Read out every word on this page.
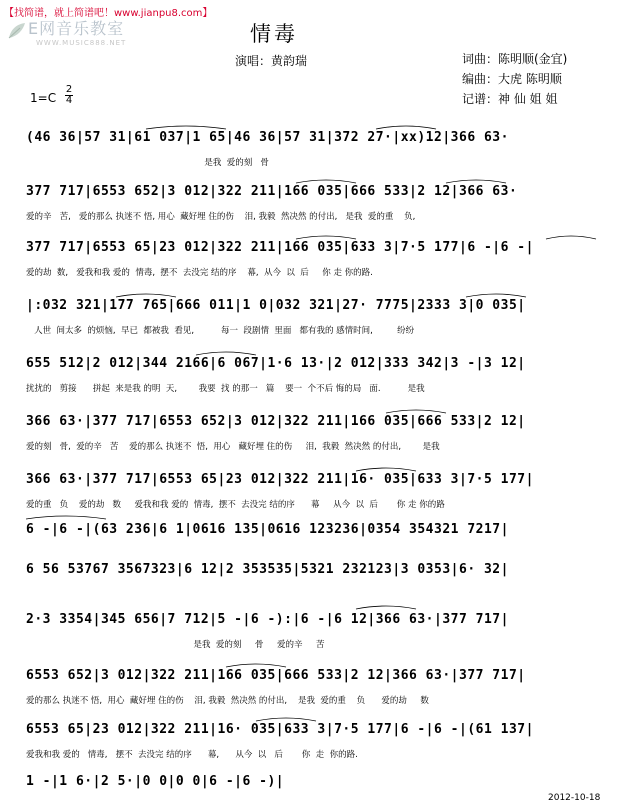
【找简谱，就上简谱吧！www.jianpu8.com】
E网音乐教室
WWW.MUSIC888.NET	情毒
演唱：黄韵瑞	词曲：陈明顺(金宜)
编曲：大虎 陈明顺
记谱：神 仙 姐 姐
1=C
2
4
(46 36|57 31|61 037|1 65|46 36|57 31|372 27·|xx)12|366 63·
是我  爱的刻   骨
377 717|6553 652|3 012|322 211|166 035|666 533|2 12|366 63·
爱的辛   苦,   爱的那么 执迷不 悟, 用心  藏好埋 住的伤    泪, 我毅  然决然 的付出,   是我  爱的重    负,
377 717|6553 65|23 012|322 211|166 035|633 3|7·5 177|6 -|6 -|
爱的劫  数,   爱我和我 爱的  情毒,  摆不  去没完 结的序    幕,  从今  以  后     你 走 你的路.
|:032 321|177 765|666 011|1 0|032 321|27· 7775|2333 3|0 035|
人世  间太多  的烦恼,  早已  都被我  看见,          每一  段剧情  里面   都有我的 感情时间,         纷纷
655 512|2 012|344 2166|6 067|1·6 13·|2 012|333 342|3 -|3 12|
扰扰的   剪接      拼起  来是我 的明  天,        我要  找 的那一   篇    要一  个不后 悔的局   面.          是我
366 63·|377 717|6553 652|3 012|322 211|166 035|666 533|2 12|
爱的刻   骨,  爱的辛   苦    爱的那么 执迷不  悟,  用心   藏好埋 住的伤     泪,  我毅  然决然 的付出,        是我
366 63·|377 717|6553 65|23 012|322 211|16· 035|633 3|7·5 177|
爱的重   负    爱的劫   数     爱我和我 爱的  情毒,  摆不  去没完 结的序      幕     从今  以  后       你 走 你的路
6 -|6 -|(63 236|6 1|0616 135|0616 123236|0354 354321 7217|
6 56 53767 3567323|6 12|2 353535|5321 232123|3 0353|6· 32|
2·3 3354|345 656|7 712|5 -|6 -):|6 -|6 12|366 63·|377 717|
是我  爱的刻     骨     爱的辛     苦
6553 652|3 012|322 211|166 035|666 533|2 12|366 63·|377 717|
爱的那么 执迷不 悟,  用心  藏好埋 住的伤    泪, 我毅  然决然 的付出,    是我  爱的重    负      爱的劫     数
6553 65|23 012|322 211|16· 035|633 3|7·5 177|6 -|6 -|(61 137|
爱我和我 爱的   情毒,   摆不  去没完 结的序      幕,      从今  以   后       你  走  你的路.
1 -|1 6·|2 5·|0 0|0 0|6 -|6 -)|
2012-10-18
